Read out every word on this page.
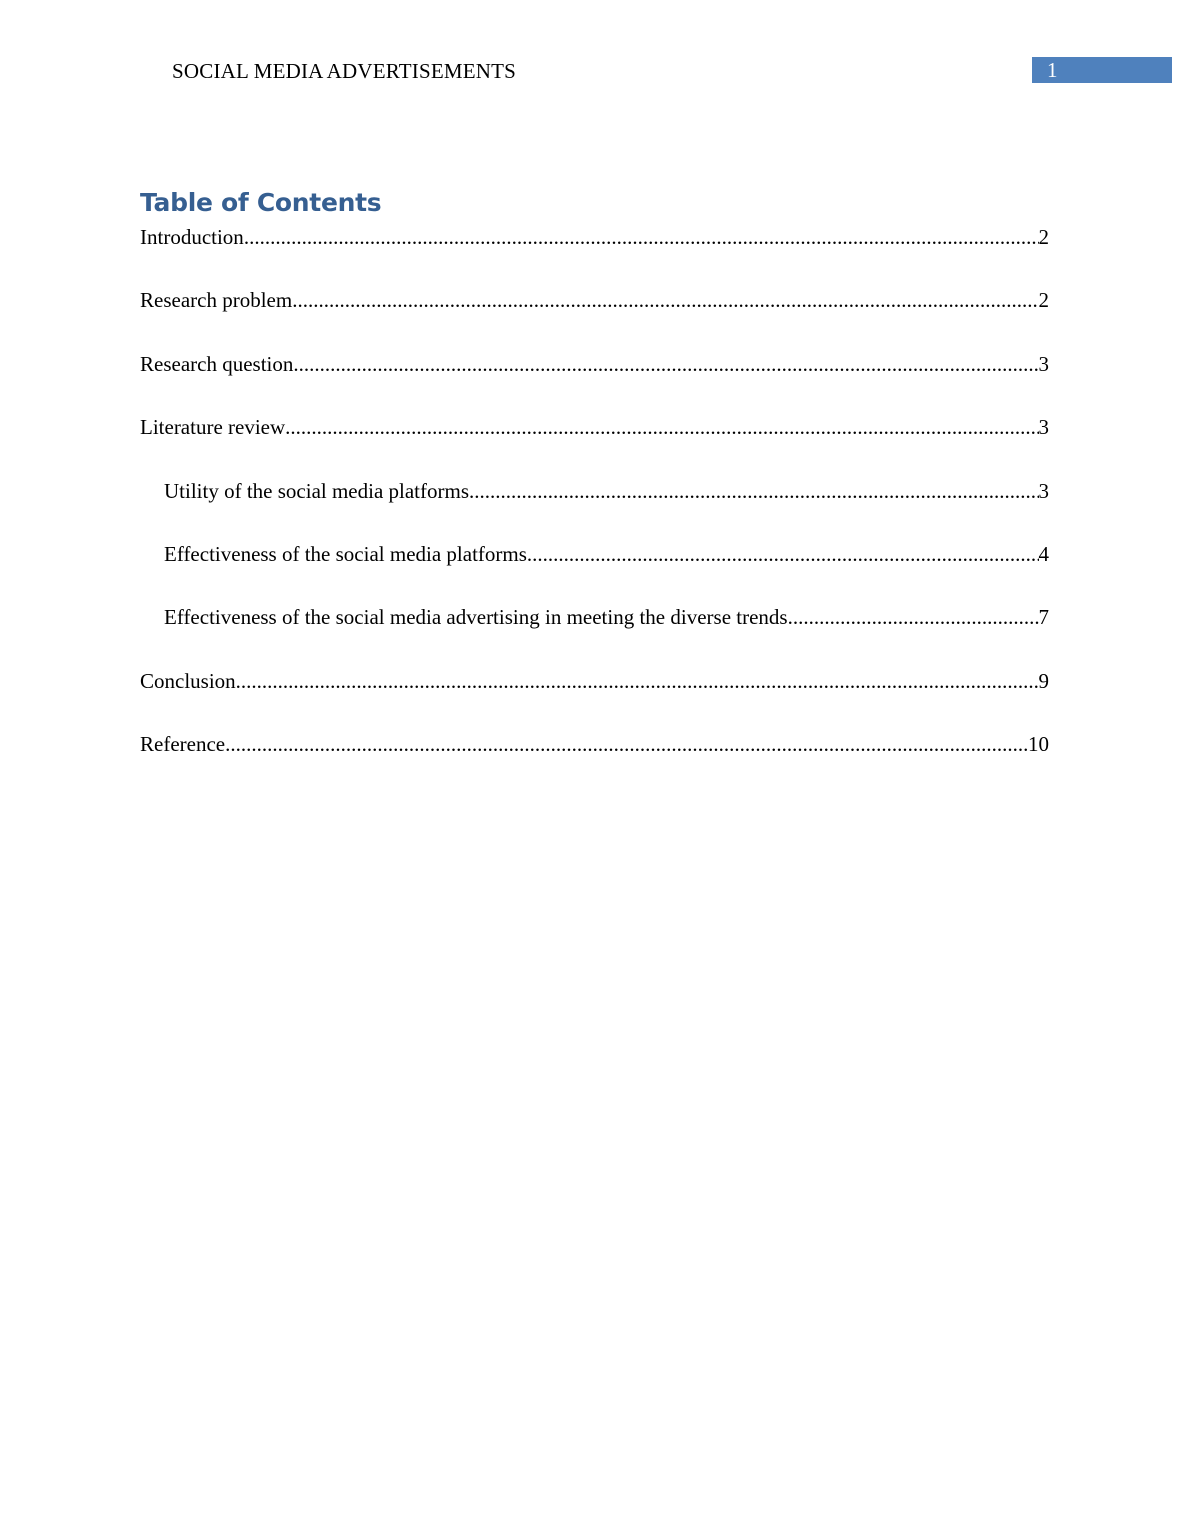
SOCIAL MEDIA ADVERTISEMENTS	1
Table of Contents
Introduction .....	2
Research problem .....	2
Research question .....	3
Literature review .....	3
Utility of the social media platforms .....	3
Effectiveness of the social media platforms .....	4
Effectiveness of the social media advertising in meeting the diverse trends .....	7
Conclusion .....	9
Reference .....	10
